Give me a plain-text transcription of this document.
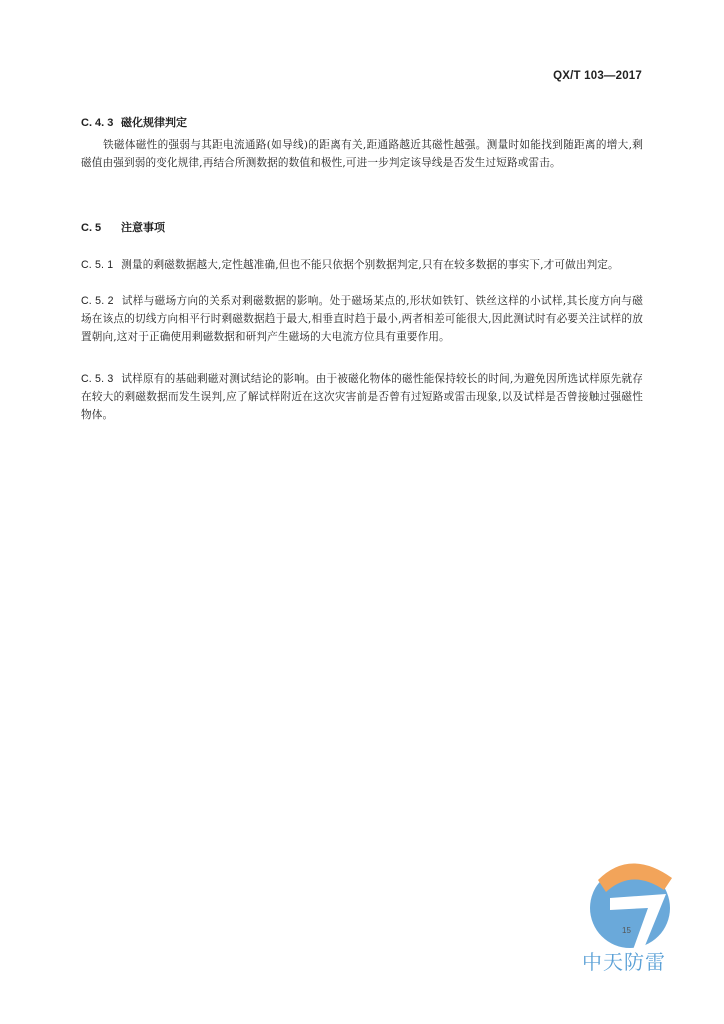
QX/T 103—2017
C. 4. 3 磁化规律判定
铁磁体磁性的强弱与其距电流通路(如导线)的距离有关,距通路越近其磁性越强。测量时如能找到随距离的增大,剩磁值由强到弱的变化规律,再结合所测数据的数值和极性,可进一步判定该导线是否发生过短路或雷击。
C. 5 注意事项
C. 5. 1 测量的剩磁数据越大,定性越准确,但也不能只依据个别数据判定,只有在较多数据的事实下,才可做出判定。
C. 5. 2 试样与磁场方向的关系对剩磁数据的影响。处于磁场某点的,形状如铁钉、铁丝这样的小试样,其长度方向与磁场在该点的切线方向相平行时剩磁数据趋于最大,相垂直时趋于最小,两者相差可能很大,因此测试时有必要关注试样的放置朝向,这对于正确使用剩磁数据和研判产生磁场的大电流方位具有重要作用。
C. 5. 3 试样原有的基础剩磁对测试结论的影响。由于被磁化物体的磁性能保持较长的时间,为避免因所选试样原先就存在较大的剩磁数据而发生误判,应了解试样附近在这次灾害前是否曾有过短路或雷击现象,以及试样是否曾接触过强磁性物体。
15
中天防雷
